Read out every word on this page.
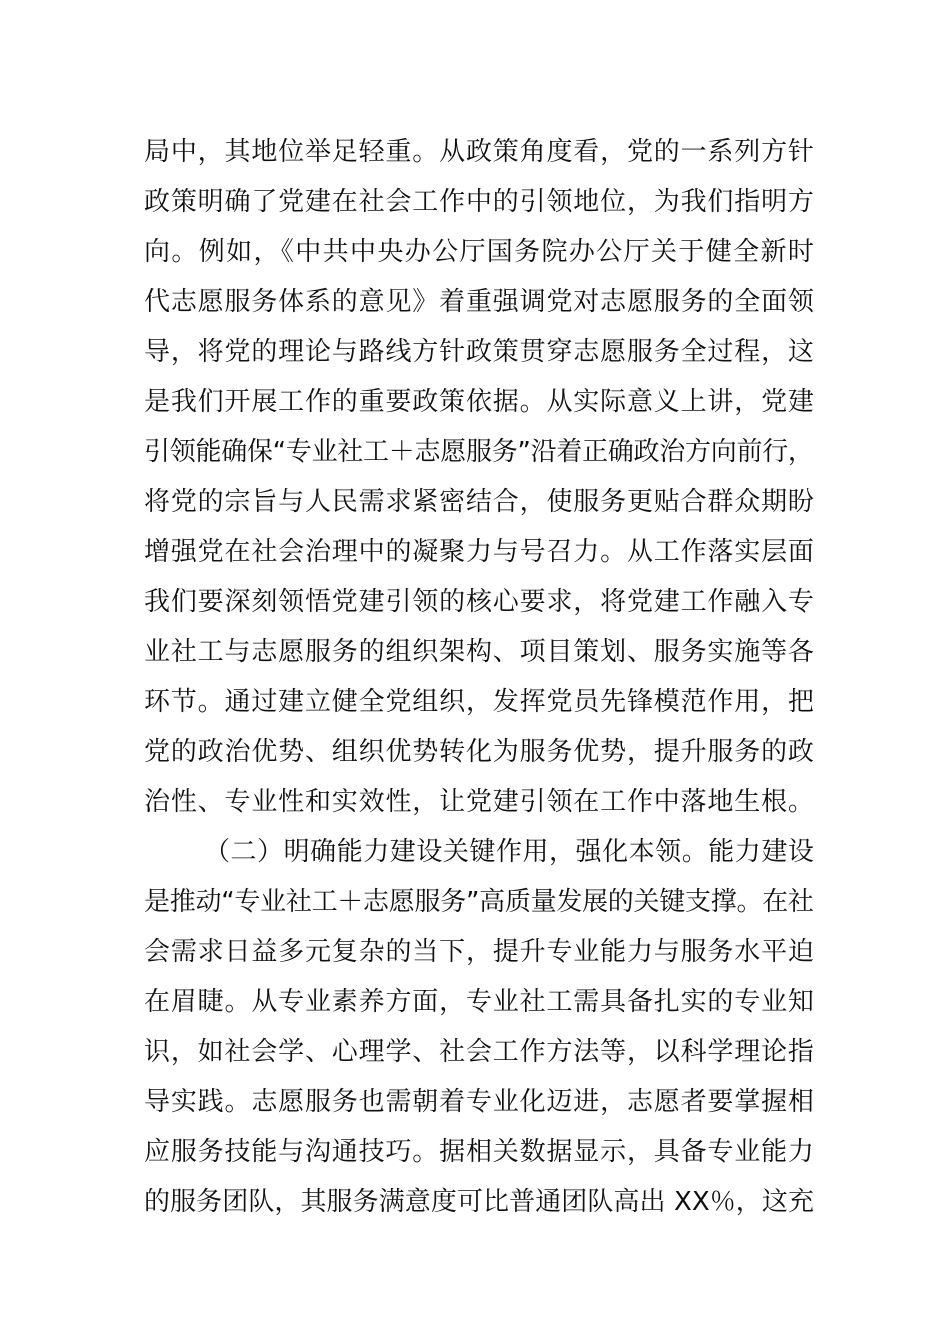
局中，其地位举足轻重。从政策角度看，党的一系列方针
政策明确了党建在社会工作中的引领地位，为我们指明方
向。例如，《中共中央办公厅国务院办公厅关于健全新时
代志愿服务体系的意见》着重强调党对志愿服务的全面领
导，将党的理论与路线方针政策贯穿志愿服务全过程，这
是我们开展工作的重要政策依据。从实际意义上讲，党建
引领能确保“专业社工＋志愿服务”沿着正确政治方向前行，
将党的宗旨与人民需求紧密结合，使服务更贴合群众期盼
增强党在社会治理中的凝聚力与号召力。从工作落实层面
我们要深刻领悟党建引领的核心要求，将党建工作融入专
业社工与志愿服务的组织架构、项目策划、服务实施等各
环节。通过建立健全党组织，发挥党员先锋模范作用，把
党的政治优势、组织优势转化为服务优势，提升服务的政
治性、专业性和实效性，让党建引领在工作中落地生根。
（二）明确能力建设关键作用，强化本领。能力建设
是推动“专业社工＋志愿服务”高质量发展的关键支撑。在社
会需求日益多元复杂的当下，提升专业能力与服务水平迫
在眉睫。从专业素养方面，专业社工需具备扎实的专业知
识，如社会学、心理学、社会工作方法等，以科学理论指
导实践。志愿服务也需朝着专业化迈进，志愿者要掌握相
应服务技能与沟通技巧。据相关数据显示，具备专业能力
的服务团队，其服务满意度可比普通团队高出 XX％，这充
